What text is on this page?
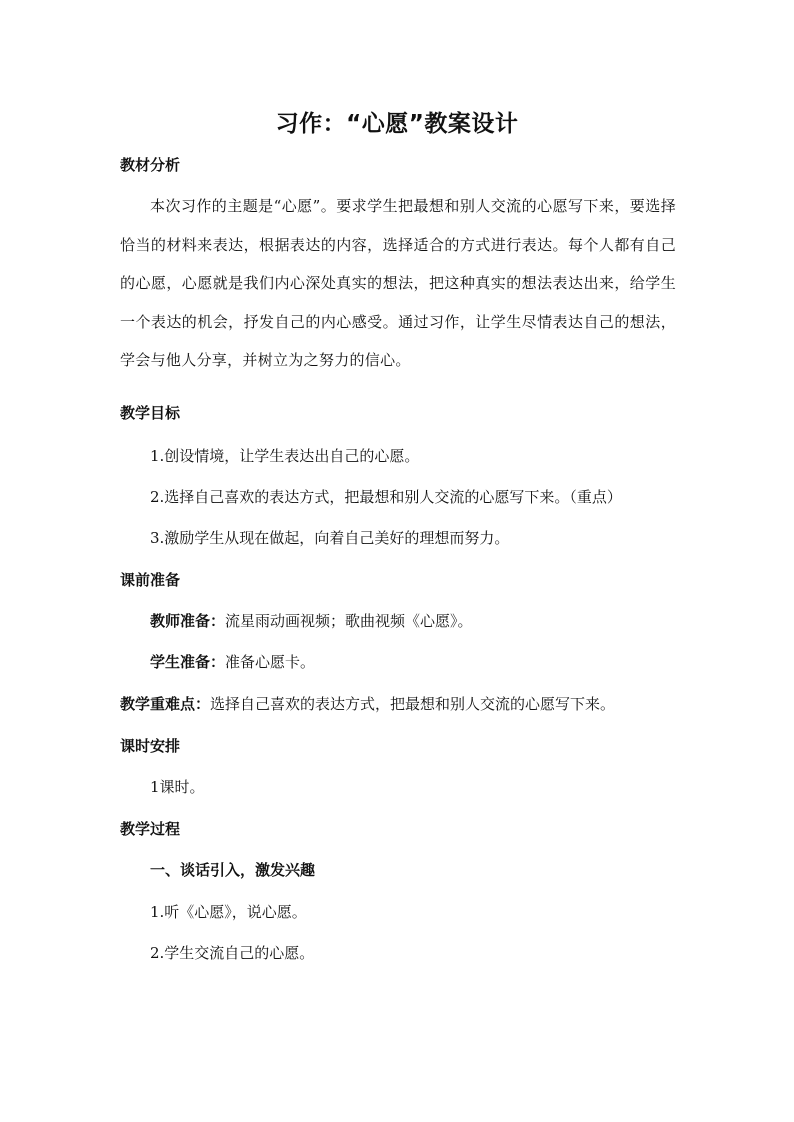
习作：“心愿”教案设计
教材分析
本次习作的主题是“心愿”。要求学生把最想和别人交流的心愿写下来，要选择恰当的材料来表达，根据表达的内容，选择适合的方式进行表达。每个人都有自己的心愿，心愿就是我们内心深处真实的想法，把这种真实的想法表达出来，给学生一个表达的机会，抒发自己的内心感受。通过习作，让学生尽情表达自己的想法，学会与他人分享，并树立为之努力的信心。
教学目标
1.创设情境，让学生表达出自己的心愿。
2.选择自己喜欢的表达方式，把最想和别人交流的心愿写下来。（重点）
3.激励学生从现在做起，向着自己美好的理想而努力。
课前准备
教师准备：流星雨动画视频；歌曲视频《心愿》。
学生准备：准备心愿卡。
教学重难点：选择自己喜欢的表达方式，把最想和别人交流的心愿写下来。
课时安排
1课时。
教学过程
一、谈话引入，激发兴趣
1.听《心愿》，说心愿。
2.学生交流自己的心愿。
